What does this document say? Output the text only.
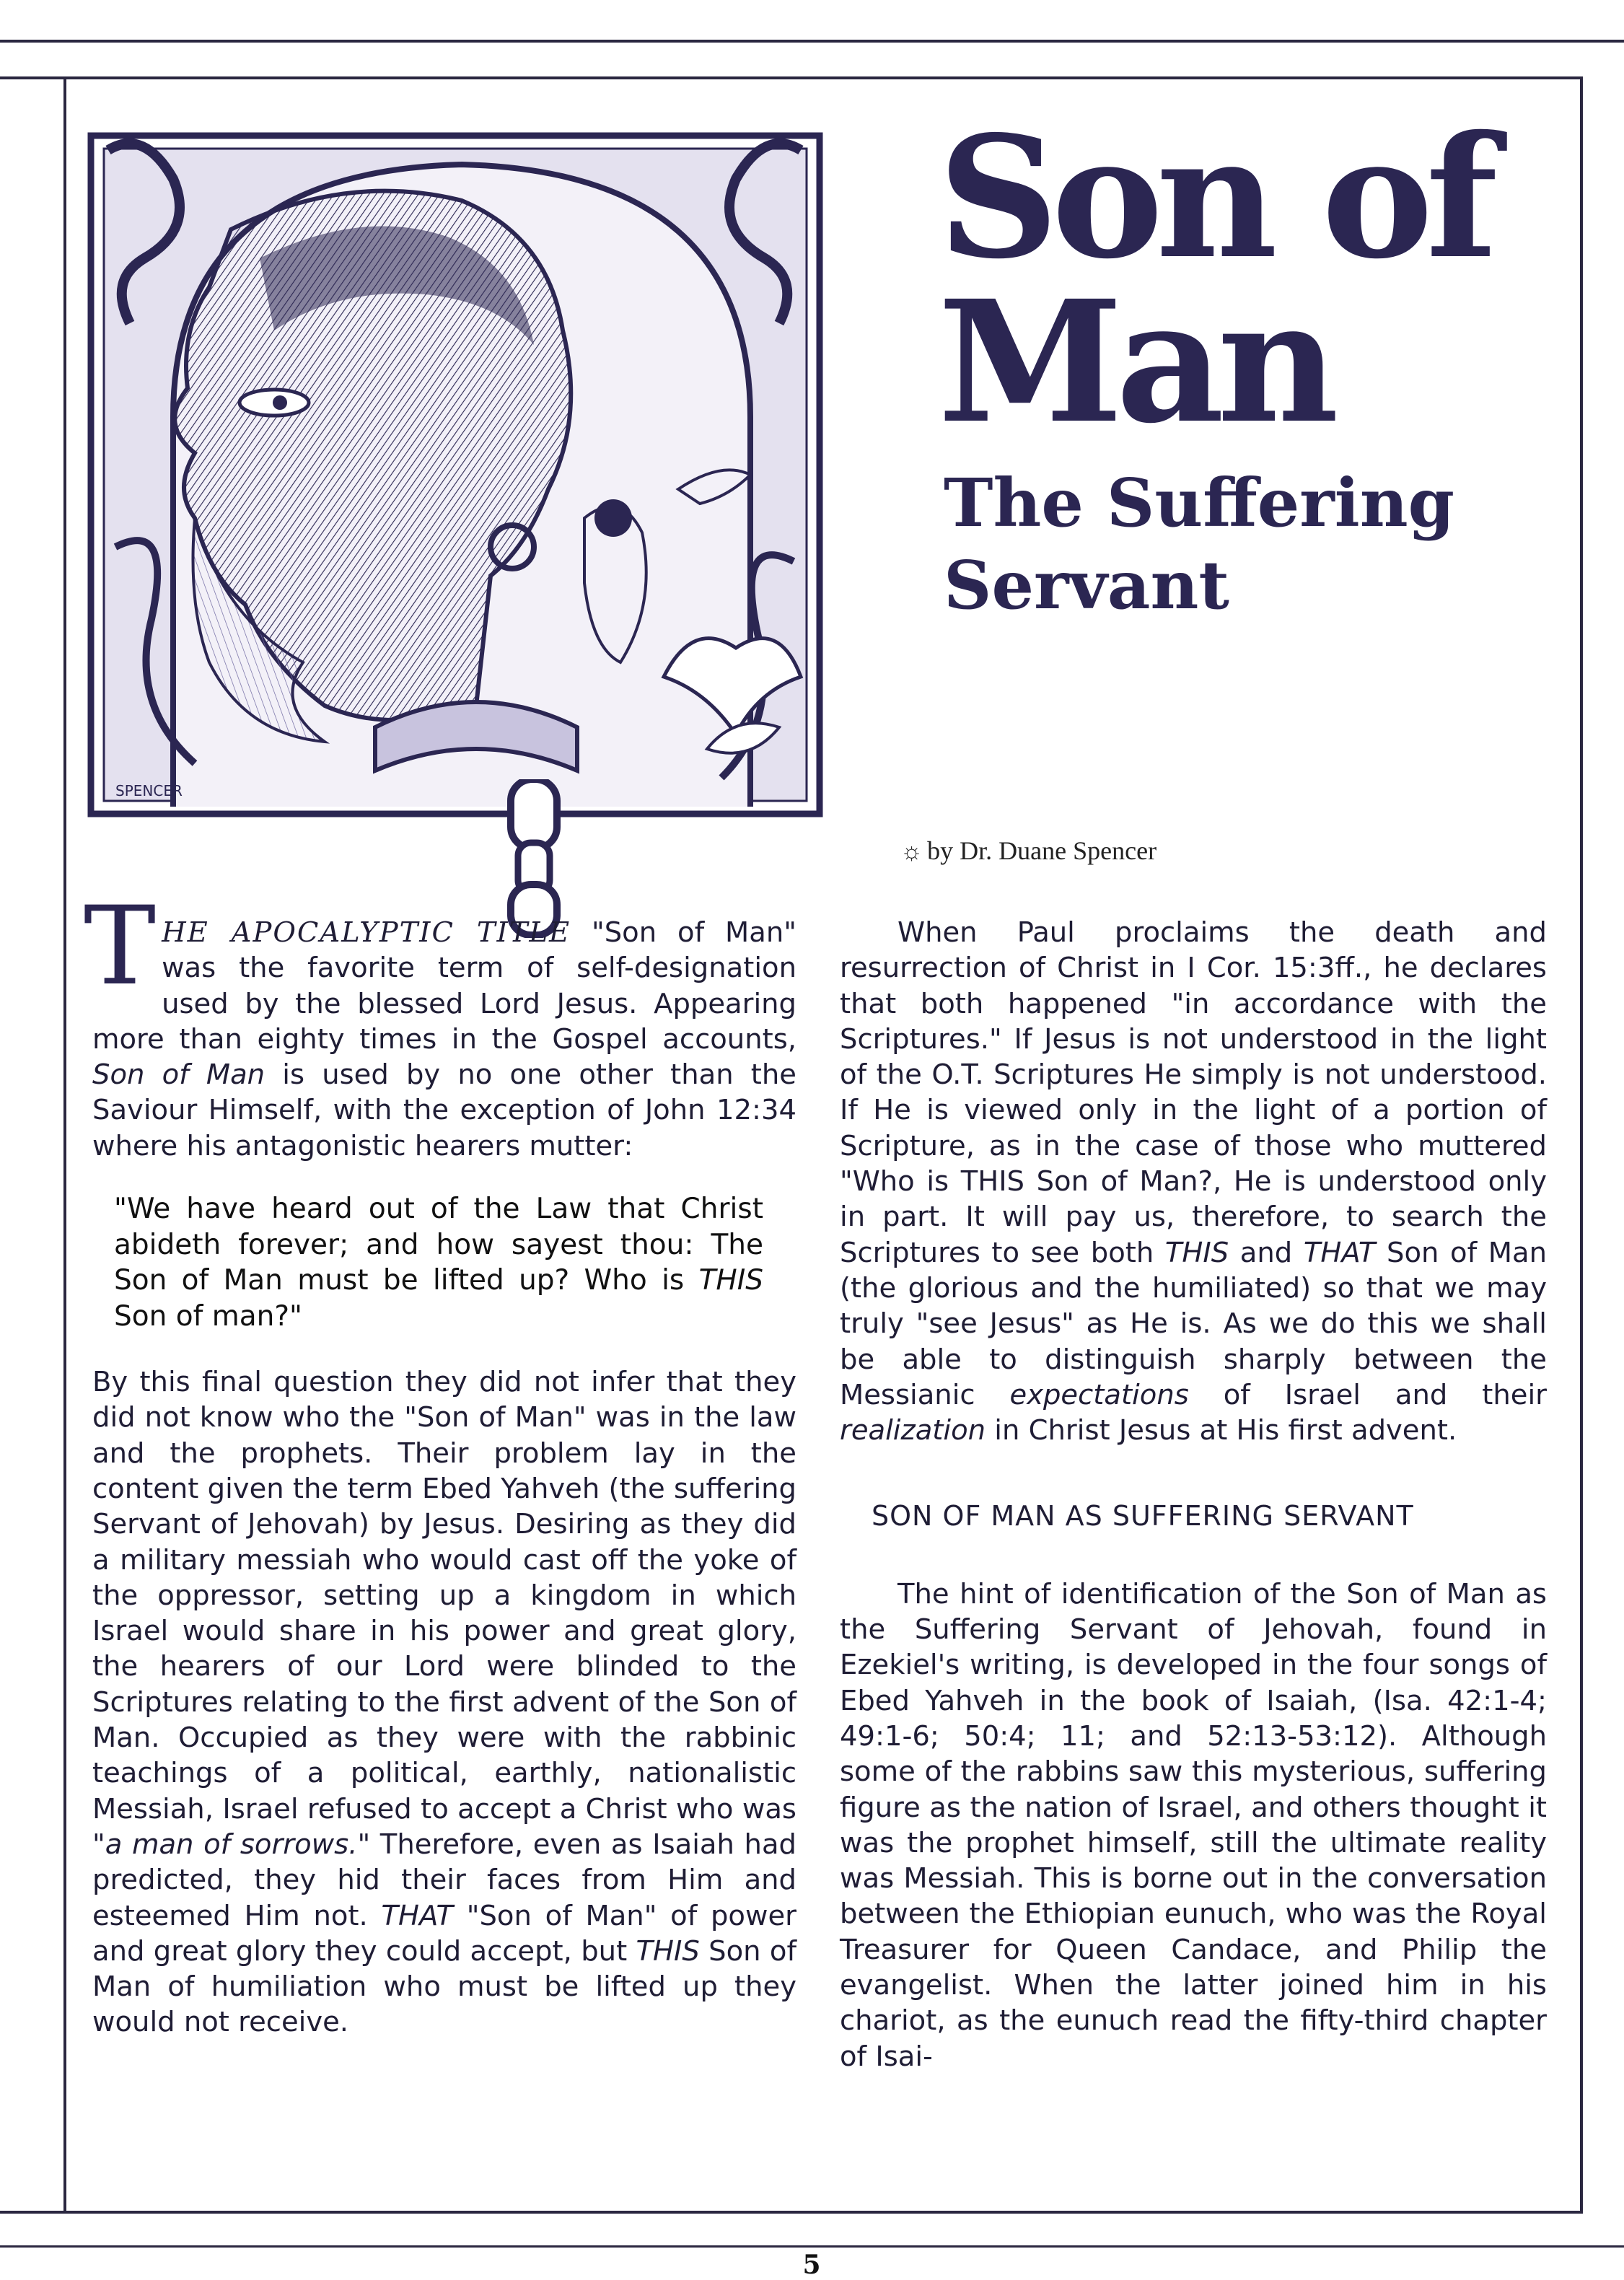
SPENCER
Son of Man
The Suffering Servant
☼ by Dr. Duane Spencer

THE APOCALYPTIC TITLE "Son of Man" was the favorite term of self-designation used by the blessed Lord Jesus. Appearing more than eighty times in the Gospel accounts, Son of Man is used by no one other than the Saviour Himself, with the exception of John 12:34 where his antagonistic hearers mutter:

"We have heard out of the Law that Christ abideth forever; and how sayest thou: The Son of Man must be lifted up? Who is THIS Son of man?"

By this final question they did not infer that they did not know who the "Son of Man" was in the law and the prophets. Their problem lay in the content given the term Ebed Yahveh (the suffering Servant of Jehovah) by Jesus. Desiring as they did a military messiah who would cast off the yoke of the oppressor, setting up a kingdom in which Israel would share in his power and great glory, the hearers of our Lord were blinded to the Scriptures relating to the first advent of the Son of Man. Occupied as they were with the rabbinic teachings of a political, earthly, nationalistic Messiah, Israel refused to accept a Christ who was "a man of sorrows." Therefore, even as Isaiah had predicted, they hid their faces from Him and esteemed Him not. THAT "Son of Man" of power and great glory they could accept, but THIS Son of Man of humiliation who must be lifted up they would not receive.

When Paul proclaims the death and resurrection of Christ in I Cor. 15:3ff., he declares that both happened "in accordance with the Scriptures." If Jesus is not understood in the light of the O.T. Scriptures He simply is not understood. If He is viewed only in the light of a portion of Scripture, as in the case of those who muttered "Who is THIS Son of Man?, He is understood only in part. It will pay us, therefore, to search the Scriptures to see both THIS and THAT Son of Man (the glorious and the humiliated) so that we may truly "see Jesus" as He is. As we do this we shall be able to distinguish sharply between the Messianic expectations of Israel and their realization in Christ Jesus at His first advent.

SON OF MAN AS SUFFERING SERVANT

The hint of identification of the Son of Man as the Suffering Servant of Jehovah, found in Ezekiel's writing, is developed in the four songs of Ebed Yahveh in the book of Isaiah, (Isa. 42:1-4; 49:1-6; 50:4; 11; and 52:13-53:12). Although some of the rabbins saw this mysterious, suffering figure as the nation of Israel, and others thought it was the prophet himself, still the ultimate reality was Messiah. This is borne out in the conversation between the Ethiopian eunuch, who was the Royal Treasurer for Queen Candace, and Philip the evangelist. When the latter joined him in his chariot, as the eunuch read the fifty-third chapter of Isai-

5
